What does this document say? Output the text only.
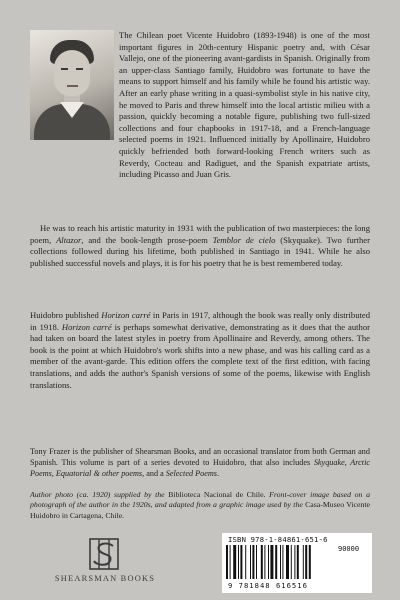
The Chilean poet Vicente Huidobro (1893-1948) is one of the most important figures in 20th-century Hispanic poetry and, with César Vallejo, one of the pioneering avant-gardists in Spanish. Originally from an upper-class Santiago family, Huidobro was fortunate to have the means to support himself and his family while he found his artistic way. After an early phase writing in a quasi-symbolist style in his native city, he moved to Paris and threw himself into the local artistic milieu with a passion, quickly becoming a notable figure, publishing two full-sized collections and four chapbooks in 1917-18, and a French-language selected poems in 1921. Influenced initially by Apollinaire, Huidobro quickly befriended both forward-looking French writers such as Reverdy, Cocteau and Radiguet, and the Spanish expatriate artists, including Picasso and Juan Gris.

He was to reach his artistic maturity in 1931 with the publication of two masterpieces: the long poem, Altazor, and the book-length prose-poem Temblor de cielo (Skyquake). Two further collections followed during his lifetime, both published in Santiago in 1941. While he also published successful novels and plays, it is for his poetry that he is best remembered today.

Huidobro published Horizon carré in Paris in 1917, although the book was really only distributed in 1918. Horizon carré is perhaps somewhat derivative, demonstrating as it does that the author had taken on board the latest styles in poetry from Apollinaire and Reverdy, among others. The book is the point at which Huidobro's work shifts into a new phase, and was his calling card as a member of the avant-garde. This edition offers the complete text of the first edition, with facing translations, and adds the author's Spanish versions of some of the poems, likewise with English translations.

Tony Frazer is the publisher of Shearsman Books, and an occasional translator from both German and Spanish. This volume is part of a series devoted to Huidobro, that also includes Skyquake, Arctic Poems, Equatorial & other poems, and a Selected Poems.

Author photo (ca. 1920) supplied by the Biblioteca Nacional de Chile. Front-cover image based on a photograph of the author in the 1920s, and adapted from a graphic image used by the Casa-Museo Vicente Huidobro in Cartagena, Chile.

SHEARSMAN BOOKS
ISBN 978-1-84861-651-6
90000
9 781848 616516
